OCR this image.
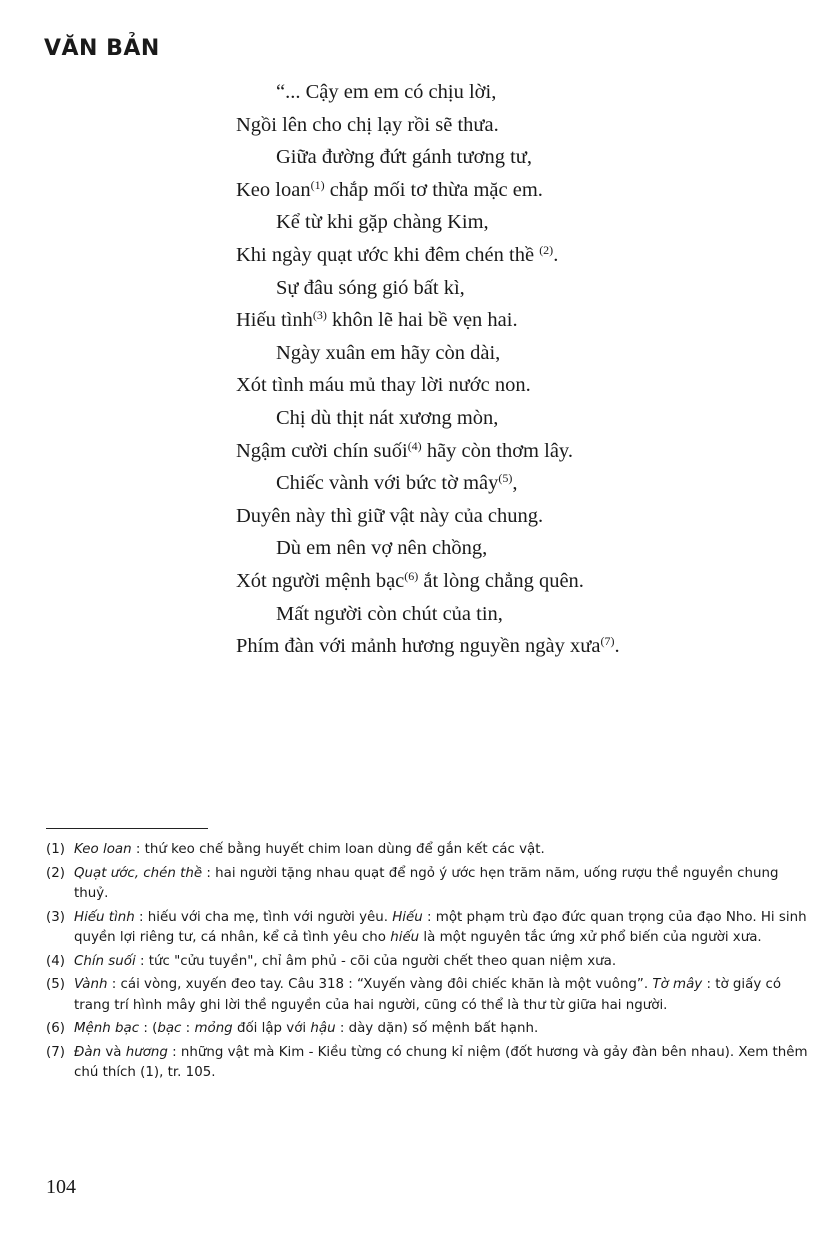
VĂN BẢN
“... Cậy em em có chịu lời,
Ngồi lên cho chị lạy rồi sẽ thưa.
Giữa đường đứt gánh tương tư,
Keo loan$^{(1)}$ chắp mối tơ thừa mặc em.
Kể từ khi gặp chàng Kim,
Khi ngày quạt ước khi đêm chén thề $^{(2)}$.
Sự đâu sóng gió bất kì,
Hiếu tình$^{(3)}$ khôn lẽ hai bề vẹn hai.
Ngày xuân em hãy còn dài,
Xót tình máu mủ thay lời nước non.
Chị dù thịt nát xương mòn,
Ngậm cười chín suối$^{(4)}$ hãy còn thơm lây.
Chiếc vành với bức tờ mây$^{(5)}$,
Duyên này thì giữ vật này của chung.
Dù em nên vợ nên chồng,
Xót người mệnh bạc$^{(6)}$ ắt lòng chẳng quên.
Mất người còn chút của tin,
Phím đàn với mảnh hương nguyền ngày xưa$^{(7)}$.
(1) Keo loan : thứ keo chế bằng huyết chim loan dùng để gắn kết các vật.
(2) Quạt ước, chén thề : hai người tặng nhau quạt để ngỏ ý ước hẹn trăm năm, uống rượu thề nguyền chung thuỷ.
(3) Hiếu tình : hiếu với cha mẹ, tình với người yêu. Hiếu : một phạm trù đạo đức quan trọng của đạo Nho. Hi sinh quyền lợi riêng tư, cá nhân, kể cả tình yêu cho hiếu là một nguyên tắc ứng xử phổ biến của người xưa.
(4) Chín suối : tức "cửu tuyền", chỉ âm phủ - cõi của người chết theo quan niệm xưa.
(5) Vành : cái vòng, xuyến đeo tay. Câu 318 : “Xuyến vàng đôi chiếc khăn là một vuông”. Tờ mây : tờ giấy có trang trí hình mây ghi lời thề nguyền của hai người, cũng có thể là thư từ giữa hai người.
(6) Mệnh bạc : (bạc : mỏng đối lập với hậu : dày dặn) số mệnh bất hạnh.
(7) Đàn và hương : những vật mà Kim - Kiều từng có chung kỉ niệm (đốt hương và gảy đàn bên nhau). Xem thêm chú thích (1), tr. 105.
104
